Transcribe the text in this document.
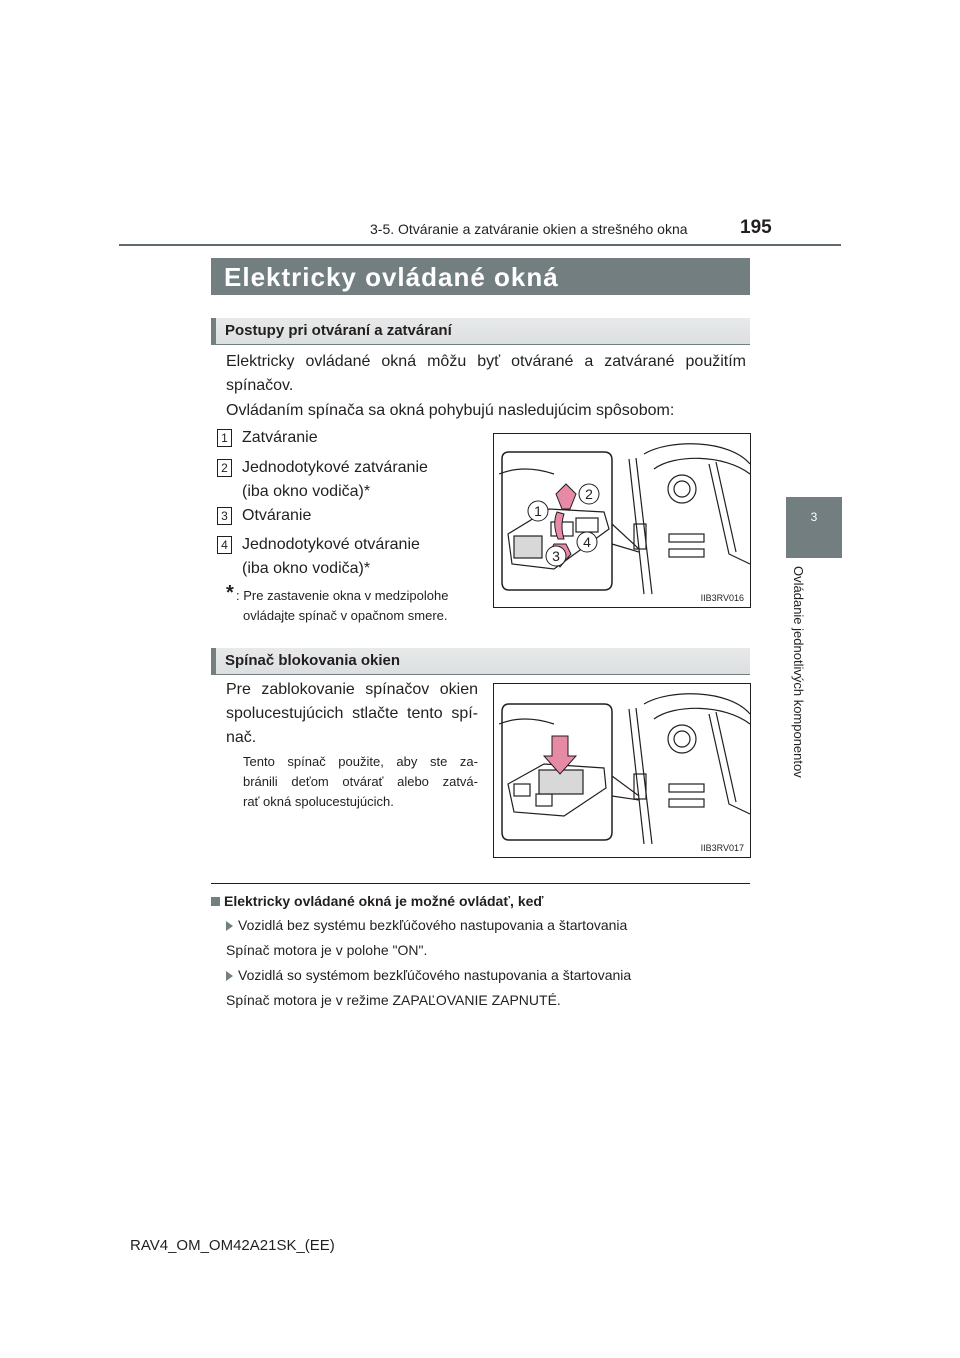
3-5. Otváranie a zatváranie okien a strešného okna	195
3
Ovládanie jednotlivých komponentov
Elektricky ovládané okná
Postupy pri otváraní a zatváraní
Elektricky ovládané okná môžu byť otvárané a zatvárané použitím spínačov.
Ovládaním spínača sa okná pohybujú nasledujúcim spôsobom:
1 Zatváranie
2 Jednodotykové zatváranie
(iba okno vodiča)*
3 Otváranie
4 Jednodotykové otváranie
(iba okno vodiča)*
* : Pre zastavenie okna v medzipolohe
ovládajte spínač v opačnom smere.
1
2
3
4
IIB3RV016
Spínač blokovania okien
Pre zablokovanie spínačov okien
spolucestujúcich stlačte tento spí-
nač.
Tento spínač použite, aby ste za-
bránili deťom otvárať alebo zatvá-
rať okná spolucestujúcich.
IIB3RV017
Elektricky ovládané okná je možné ovládať, keď
Vozidlá bez systému bezkľúčového nastupovania a štartovania
Spínač motora je v polohe "ON".
Vozidlá so systémom bezkľúčového nastupovania a štartovania
Spínač motora je v režime ZAPAĽOVANIE ZAPNUTÉ.
RAV4_OM_OM42A21SK_(EE)
